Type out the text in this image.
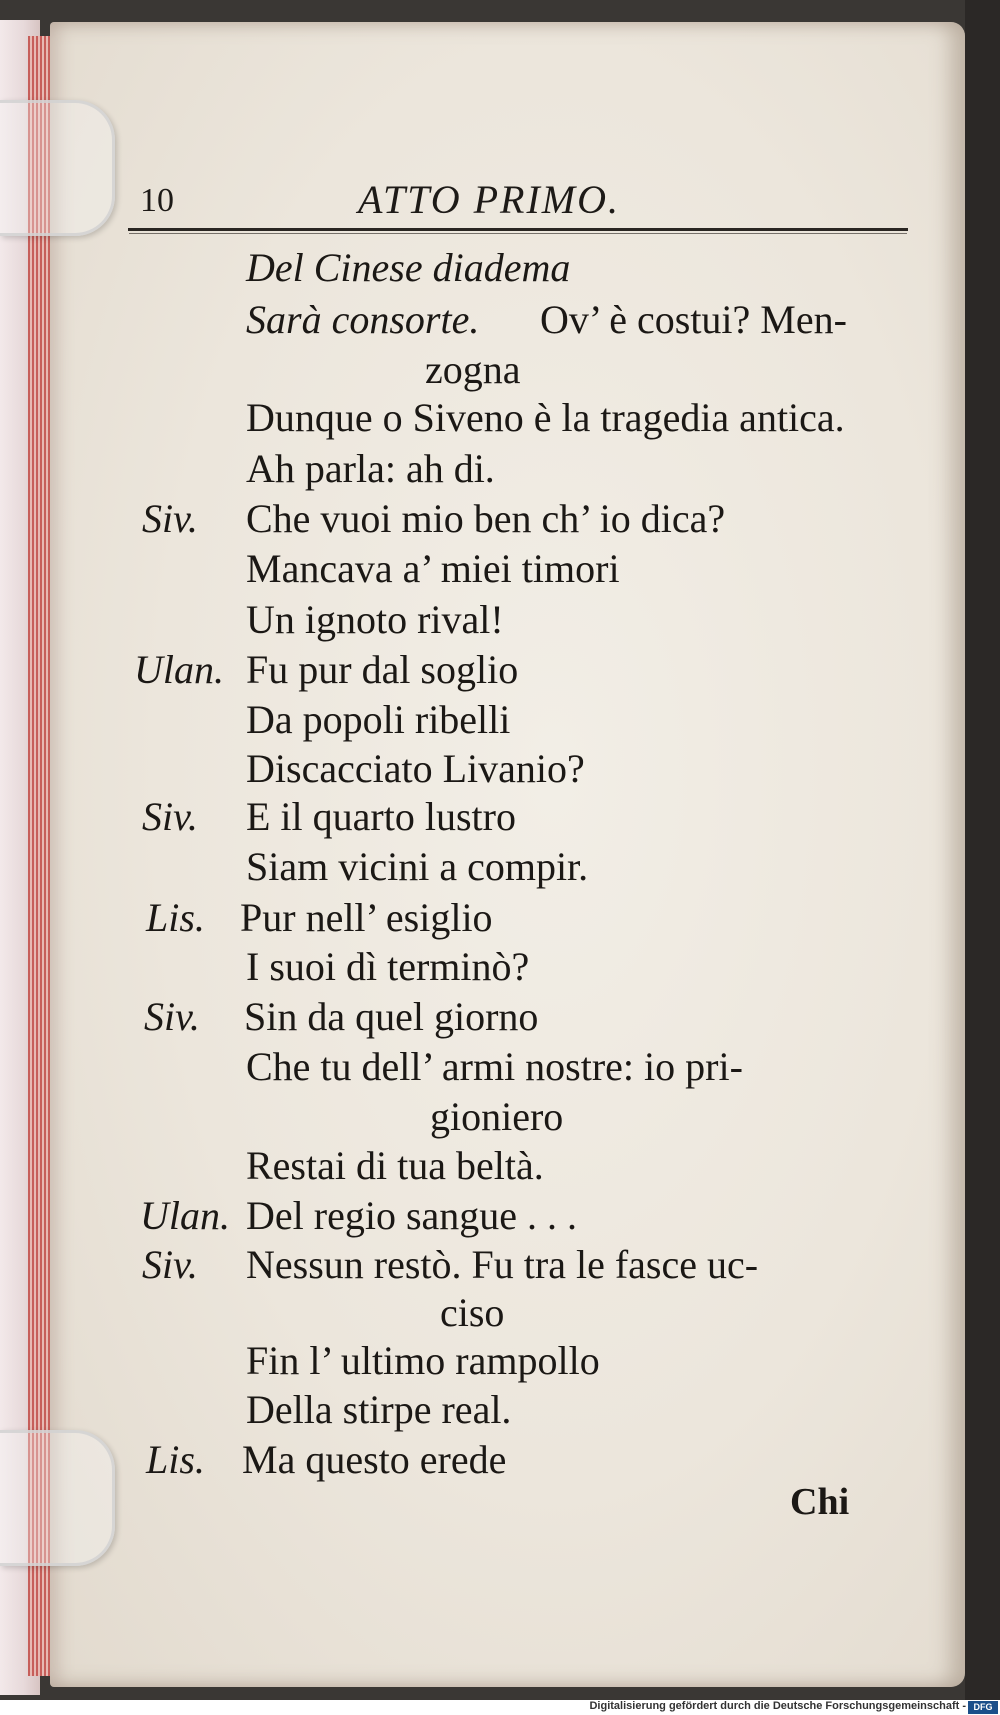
10	ATTO PRIMO.
Del Cinese diadema
Sarà consorte. Ov’ è costui? Men-
zogna
Dunque o Siveno è la tragedia antica.
Ah parla: ah di.
Siv. Che vuoi mio ben ch’ io dica?
Mancava a’ miei timori
Un ignoto rival!
Ulan. Fu pur dal soglio
Da popoli ribelli
Discacciato Livanio?
Siv. E il quarto lustro
Siam vicini a compir.
Lis. Pur nell’ esiglio
I suoi dì terminò?
Siv. Sin da quel giorno
Che tu dell’ armi nostre: io pri-
gioniero
Restai di tua beltà.
Ulan. Del regio sangue . . .
Siv. Nessun restò. Fu tra le fasce uc-
ciso
Fin l’ ultimo rampollo
Della stirpe real.
Lis. Ma questo erede
Chi
Digitalisierung gefördert durch die Deutsche Forschungsgemeinschaft - DFG
